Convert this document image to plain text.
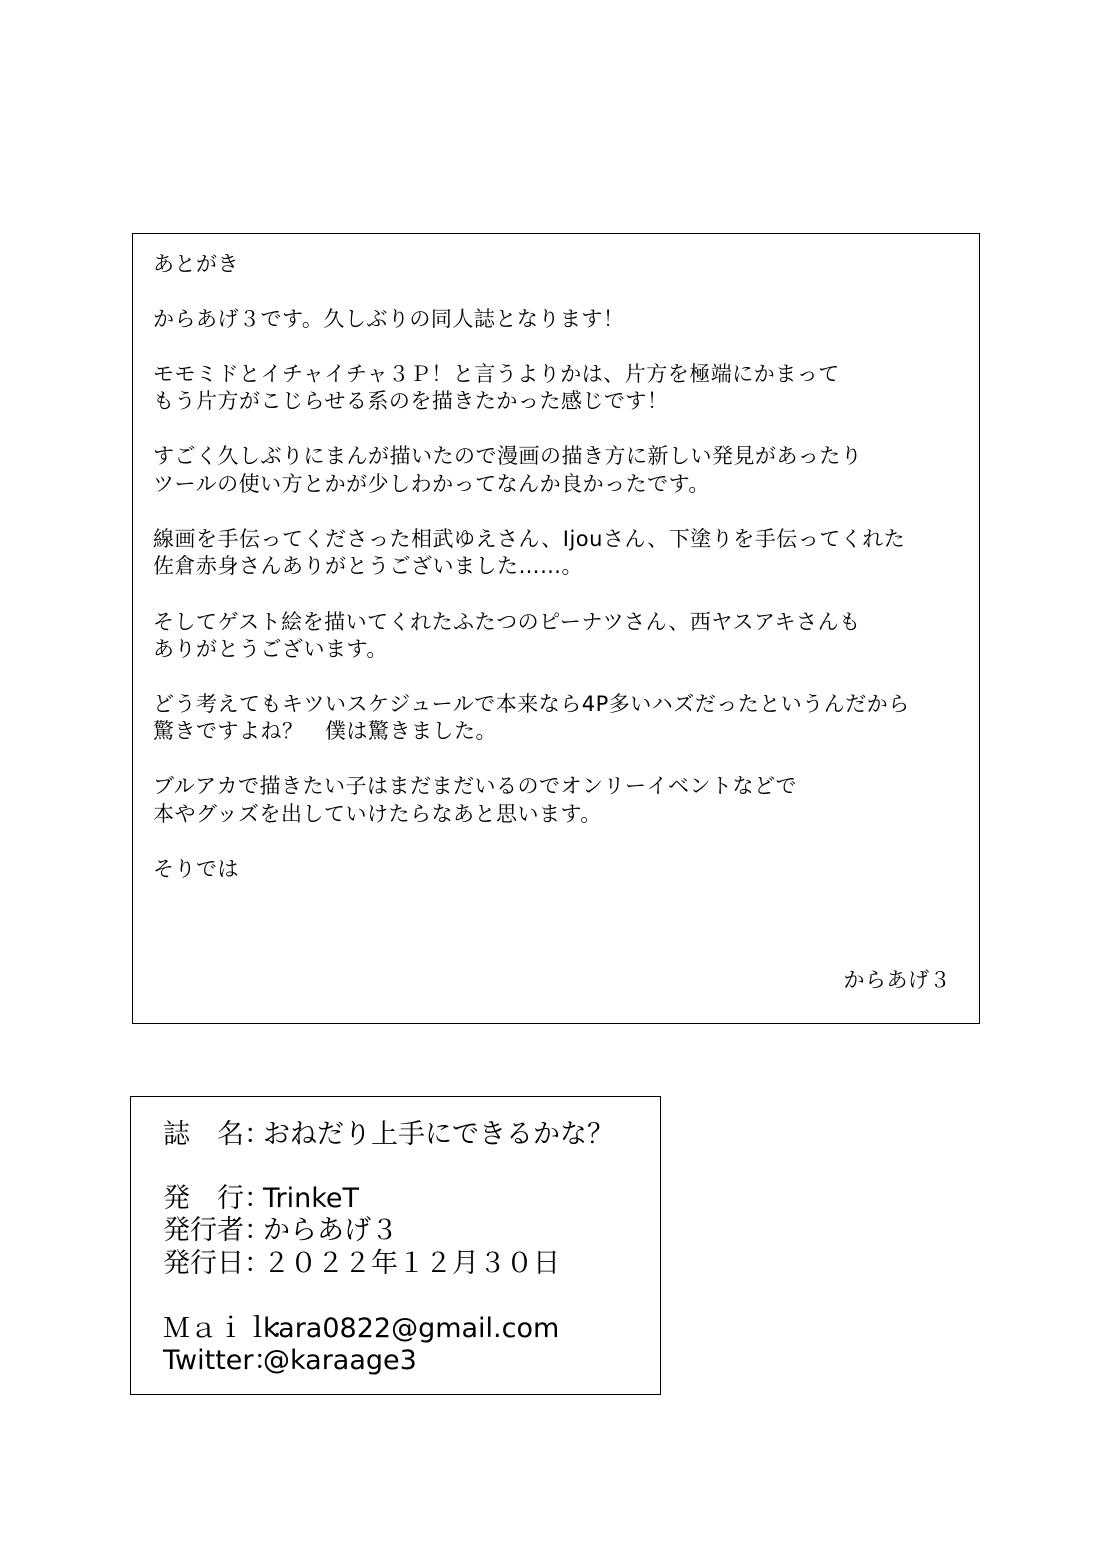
あとがき
からあげ３です。久しぶりの同人誌となります！
モモミドとイチャイチャ３Ｐ！と言うよりかは、片方を極端にかまって
もう片方がこじらせる系のを描きたかった感じです！
すごく久しぶりにまんが描いたので漫画の描き方に新しい発見があったり
ツールの使い方とかが少しわかってなんか良かったです。
線画を手伝ってくださった相武ゆえさん、Ijouさん、下塗りを手伝ってくれた
佐倉赤身さんありがとうございました……。
そしてゲスト絵を描いてくれたふたつのピーナツさん、西ヤスアキさんも
ありがとうございます。
どう考えてもキツいスケジュールで本来なら4P多いハズだったというんだから
驚きですよね？　僕は驚きました。
ブルアカで描きたい子はまだまだいるのでオンリーイベントなどで
本やグッズを出していけたらなあと思います。
そりでは
からあげ３
誌　名：おねだり上手にできるかな？
発　行：TrinkeT
発行者：からあげ３
発行日：２０２２年１２月３０日
Ｍａｉｌ：kara0822@gmail.com
Twitter：@karaage3
